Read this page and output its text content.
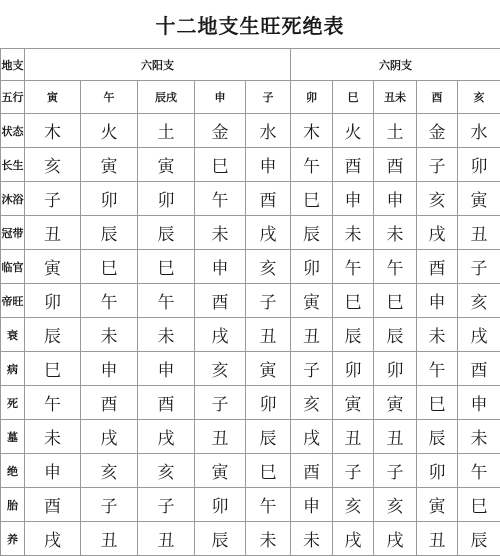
十二地支生旺死绝表
地支	六阳支					六阴支				
五行	寅	午	辰戌	申	子	卯	巳	丑未	酉	亥
状态	木	火	土	金	水	木	火	土	金	水
长生	亥	寅	寅	巳	申	午	酉	酉	子	卯
沐浴	子	卯	卯	午	酉	巳	申	申	亥	寅
冠带	丑	辰	辰	未	戌	辰	未	未	戌	丑
临官	寅	巳	巳	申	亥	卯	午	午	酉	子
帝旺	卯	午	午	酉	子	寅	巳	巳	申	亥
衰	辰	未	未	戌	丑	丑	辰	辰	未	戌
病	巳	申	申	亥	寅	子	卯	卯	午	酉
死	午	酉	酉	子	卯	亥	寅	寅	巳	申
墓	未	戌	戌	丑	辰	戌	丑	丑	辰	未
绝	申	亥	亥	寅	巳	酉	子	子	卯	午
胎	酉	子	子	卯	午	申	亥	亥	寅	巳
养	戌	丑	丑	辰	未	未	戌	戌	丑	辰
